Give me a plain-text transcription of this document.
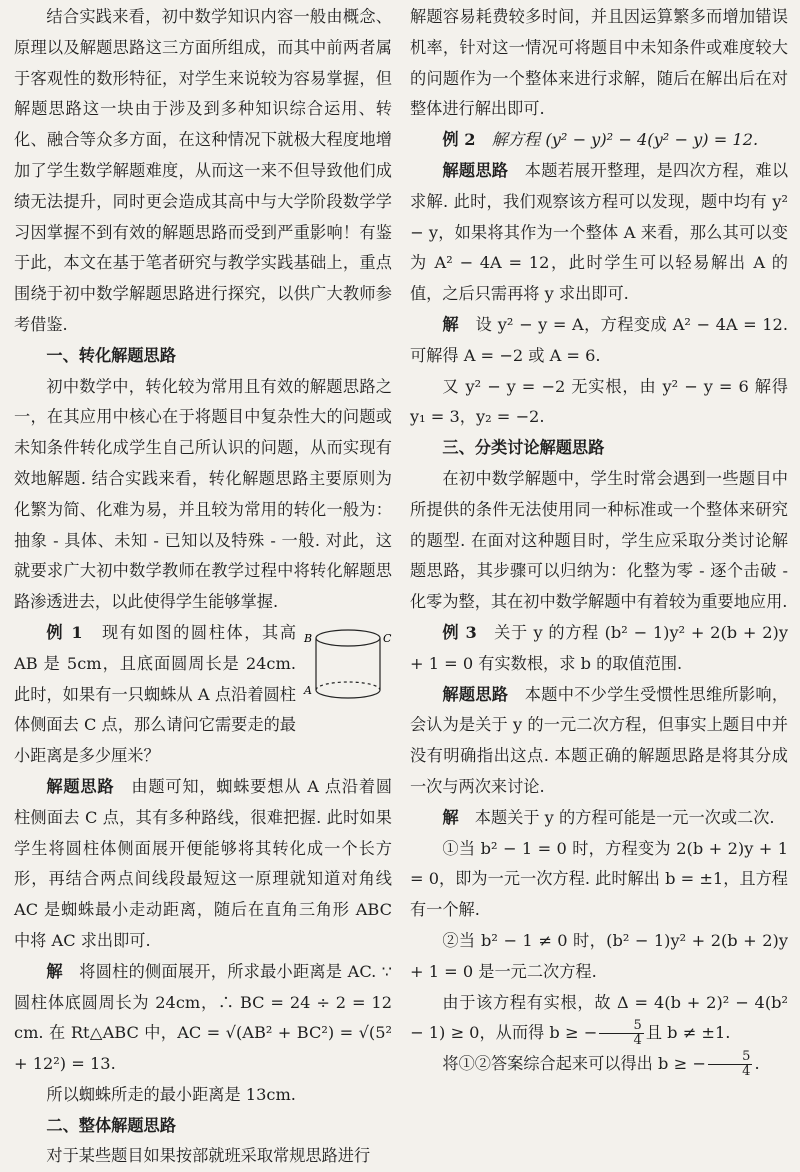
结合实践来看，初中数学知识内容一般由概念、原理以及解题思路这三方面所组成，而其中前两者属于客观性的数形特征，对学生来说较为容易掌握，但解题思路这一块由于涉及到多种知识综合运用、转化、融合等众多方面，在这种情况下就极大程度地增加了学生数学解题难度，从而这一来不但导致他们成绩无法提升，同时更会造成其高中与大学阶段数学学习因掌握不到有效的解题思路而受到严重影响！有鉴于此，本文在基于笔者研究与教学实践基础上，重点围绕于初中数学解题思路进行探究，以供广大教师参考借鉴.

一、转化解题思路

初中数学中，转化较为常用且有效的解题思路之一，在其应用中核心在于将题目中复杂性大的问题或未知条件转化成学生自己所认识的问题，从而实现有效地解题. 结合实践来看，转化解题思路主要原则为化繁为简、化难为易，并且较为常用的转化一般为：抽象 - 具体、未知 - 已知以及特殊 - 一般. 对此，这就要求广大初中数学教师在教学过程中将转化解题思路渗透进去，以此使得学生能够掌握.

例 1　 现有如图的圆柱体，其高 AB 是 5cm，且底面圆周长是 24cm. 此时，如果有一只蜘蛛从 A 点沿着圆柱体侧面去 C 点，那么请问它需要走的最小距离是多少厘米？

B	C
A

解题思路　 由题可知，蜘蛛要想从 A 点沿着圆柱侧面去 C 点，其有多种路线，很难把握. 此时如果学生将圆柱体侧面展开便能够将其转化成一个长方形，再结合两点间线段最短这一原理就知道对角线 AC 是蜘蛛最小走动距离，随后在直角三角形 ABC 中将 AC 求出即可.

解　 将圆柱的侧面展开，所求最小距离是 AC. ∵ 圆柱体底圆周长为 24cm，∴ BC = 24 ÷ 2 = 12 cm. 在 Rt△ABC 中，AC = √(AB² + BC²) = √(5² + 12²) = 13.

所以蜘蛛所走的最小距离是 13cm.

二、整体解题思路

对于某些题目如果按部就班采取常规思路进行

解题容易耗费较多时间，并且因运算繁多而增加错误机率，针对这一情况可将题目中未知条件或难度较大的问题作为一个整体来进行求解，随后在解出后在对整体进行解出即可.

例 2　 解方程 (y² − y)² − 4(y² − y) = 12.

解题思路　 本题若展开整理，是四次方程，难以求解. 此时，我们观察该方程可以发现，题中均有 y² − y，如果将其作为一个整体 A 来看，那么其可以变为 A² − 4A = 12，此时学生可以轻易解出 A 的值，之后只需再将 y 求出即可.

解　 设 y² − y = A，方程变成 A² − 4A = 12. 可解得 A = −2 或 A = 6.

又 y² − y = −2 无实根，由 y² − y = 6 解得 y₁ = 3，y₂ = −2.

三、分类讨论解题思路

在初中数学解题中，学生时常会遇到一些题目中所提供的条件无法使用同一种标准或一个整体来研究的题型. 在面对这种题目时，学生应采取分类讨论解题思路，其步骤可以归纳为：化整为零 - 逐个击破 - 化零为整，其在初中数学解题中有着较为重要地应用.

例 3　 关于 y 的方程 (b² − 1)y² + 2(b + 2)y + 1 = 0 有实数根，求 b 的取值范围.

解题思路　 本题中不少学生受惯性思维所影响，会认为是关于 y 的一元二次方程，但事实上题目中并没有明确指出这点. 本题正确的解题思路是将其分成一次与两次来讨论.

解　 本题关于 y 的方程可能是一元一次或二次.

①当 b² − 1 = 0 时，方程变为 2(b + 2)y + 1 = 0，即为一元一次方程. 此时解出 b = ±1，且方程有一个解.

②当 b² − 1 ≠ 0 时，(b² − 1)y² + 2(b + 2)y + 1 = 0 是一元二次方程.

由于该方程有实根，故 Δ = 4(b + 2)² − 4(b² − 1) ≥ 0，从而得 b ≥ − $\frac{5}{4}$ 且 b ≠ ±1.

将①②答案综合起来可以得出 b ≥ − $\frac{5}{4}$ .
